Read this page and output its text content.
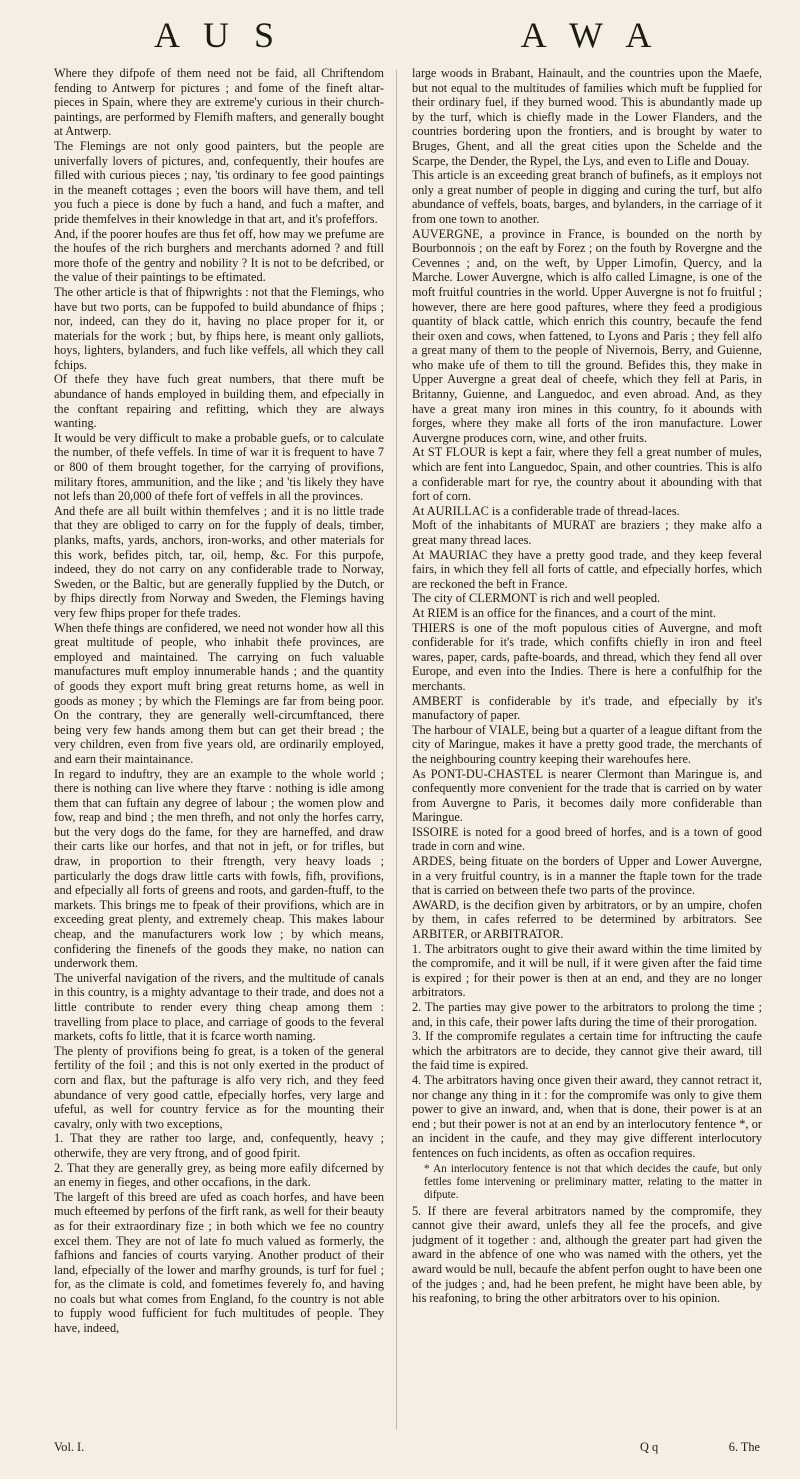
A U S	A W A

Where they difpofe of them need not be faid, all Chriftendom fending to Antwerp for pictures ; and fome of the fineft altar-pieces in Spain, where they are extreme'y curious in their church-paintings, are performed by Flemifh mafters, and generally bought at Antwerp.

The Flemings are not only good painters, but the people are univerfally lovers of pictures, and, confequently, their houfes are filled with curious pieces ; nay, 'tis ordinary to fee good paintings in the meaneft cottages ; even the boors will have them, and tell you fuch a piece is done by fuch a hand, and fuch a mafter, and pride themfelves in their knowledge in that art, and it's profeffors.

And, if the poorer houfes are thus fet off, how may we prefume are the houfes of the rich burghers and merchants adorned ? and ftill more thofe of the gentry and nobility ? It is not to be defcribed, or the value of their paintings to be eftimated.

The other article is that of fhipwrights : not that the Flemings, who have but two ports, can be fuppofed to build abundance of fhips ; nor, indeed, can they do it, having no place proper for it, or materials for the work ; but, by fhips here, is meant only galliots, hoys, lighters, bylanders, and fuch like veffels, all which they call fchips.

Of thefe they have fuch great numbers, that there muft be abundance of hands employed in building them, and efpecially in the conftant repairing and refitting, which they are always wanting.

It would be very difficult to make a probable guefs, or to calculate the number, of thefe veffels. In time of war it is frequent to have 7 or 800 of them brought together, for the carrying of provifions, military ftores, ammunition, and the like ; and 'tis likely they have not lefs than 20,000 of thefe fort of veffels in all the provinces.

And thefe are all built within themfelves ; and it is no little trade that they are obliged to carry on for the fupply of deals, timber, planks, mafts, yards, anchors, iron-works, and other materials for this work, befides pitch, tar, oil, hemp, &c. For this purpofe, indeed, they do not carry on any confiderable trade to Norway, Sweden, or the Baltic, but are generally fupplied by the Dutch, or by fhips directly from Norway and Sweden, the Flemings having very few fhips proper for thefe trades.

When thefe things are confidered, we need not wonder how all this great multitude of people, who inhabit thefe provinces, are employed and maintained. The carrying on fuch valuable manufactures muft employ innumerable hands ; and the quantity of goods they export muft bring great returns home, as well in goods as money ; by which the Flemings are far from being poor. On the contrary, they are generally well-circumftanced, there being very few hands among them but can get their bread ; the very children, even from five years old, are ordinarily employed, and earn their maintainance.

In regard to induftry, they are an example to the whole world ; there is nothing can live where they ftarve : nothing is idle among them that can fuftain any degree of labour ; the women plow and fow, reap and bind ; the men threfh, and not only the horfes carry, but the very dogs do the fame, for they are harneffed, and draw their carts like our horfes, and that not in jeft, or for trifles, but draw, in proportion to their ftrength, very heavy loads ; particularly the dogs draw little carts with fowls, fifh, provifions, and efpecially all forts of greens and roots, and garden-ftuff, to the markets. This brings me to fpeak of their provifions, which are in exceeding great plenty, and extremely cheap. This makes labour cheap, and the manufacturers work low ; by which means, confidering the finenefs of the goods they make, no nation can underwork them.

The univerfal navigation of the rivers, and the multitude of canals in this country, is a mighty advantage to their trade, and does not a little contribute to render every thing cheap among them : travelling from place to place, and carriage of goods to the feveral markets, cofts fo little, that it is fcarce worth naming.

The plenty of provifions being fo great, is a token of the general fertility of the foil ; and this is not only exerted in the product of corn and flax, but the pafturage is alfo very rich, and they feed abundance of very good cattle, efpecially horfes, very large and ufeful, as well for country fervice as for the mounting their cavalry, only with two exceptions,

1. That they are rather too large, and, confequently, heavy ; otherwife, they are very ftrong, and of good fpirit.

2. That they are generally grey, as being more eafily difcerned by an enemy in fieges, and other occafions, in the dark.

The largeft of this breed are ufed as coach horfes, and have been much efteemed by perfons of the firft rank, as well for their beauty as for their extraordinary fize ; in both which we fee no country excel them. They are not of late fo much valued as formerly, the fafhions and fancies of courts varying. Another product of their land, efpecially of the lower and marfhy grounds, is turf for fuel ; for, as the climate is cold, and fometimes feverely fo, and having no coals but what comes from England, fo the country is not able to fupply wood fufficient for fuch multitudes of people. They have, indeed,

large woods in Brabant, Hainault, and the countries upon the Maefe, but not equal to the multitudes of families which muft be fupplied for their ordinary fuel, if they burned wood. This is abundantly made up by the turf, which is chiefly made in the Lower Flanders, and the countries bordering upon the frontiers, and is brought by water to Bruges, Ghent, and all the great cities upon the Schelde and the Scarpe, the Dender, the Rypel, the Lys, and even to Lifle and Douay.

This article is an exceeding great branch of bufinefs, as it employs not only a great number of people in digging and curing the turf, but alfo abundance of veffels, boats, barges, and bylanders, in the carriage of it from one town to another.

AUVERGNE, a province in France, is bounded on the north by Bourbonnois ; on the eaft by Forez ; on the fouth by Rovergne and the Cevennes ; and, on the weft, by Upper Limofin, Quercy, and la Marche. Lower Auvergne, which is alfo called Limagne, is one of the moft fruitful countries in the world. Upper Auvergne is not fo fruitful ; however, there are here good paftures, where they feed a prodigious quantity of black cattle, which enrich this country, becaufe the fend their oxen and cows, when fattened, to Lyons and Paris ; they fell alfo a great many of them to the people of Nivernois, Berry, and Guienne, who make ufe of them to till the ground. Befides this, they make in Upper Auvergne a great deal of cheefe, which they fell at Paris, in Britanny, Guienne, and Languedoc, and even abroad. And, as they have a great many iron mines in this country, fo it abounds with forges, where they make all forts of the iron manufacture. Lower Auvergne produces corn, wine, and other fruits.

At ST FLOUR is kept a fair, where they fell a great number of mules, which are fent into Languedoc, Spain, and other countries. This is alfo a confiderable mart for rye, the country about it abounding with that fort of corn.

At AURILLAC is a confiderable trade of thread-laces.

Moft of the inhabitants of MURAT are braziers ; they make alfo a great many thread laces.

At MAURIAC they have a pretty good trade, and they keep feveral fairs, in which they fell all forts of cattle, and efpecially horfes, which are reckoned the beft in France.

The city of CLERMONT is rich and well peopled.

At RIEM is an office for the finances, and a court of the mint.

THIERS is one of the moft populous cities of Auvergne, and moft confiderable for it's trade, which confifts chiefly in iron and fteel wares, paper, cards, pafte-boards, and thread, which they fend all over Europe, and even into the Indies. There is here a confulfhip for the merchants.

AMBERT is confiderable by it's trade, and efpecially by it's manufactory of paper.

The harbour of VIALE, being but a quarter of a league diftant from the city of Maringue, makes it have a pretty good trade, the merchants of the neighbouring country keeping their warehoufes here.

As PONT-DU-CHASTEL is nearer Clermont than Maringue is, and confequently more convenient for the trade that is carried on by water from Auvergne to Paris, it becomes daily more confiderable than Maringue.

ISSOIRE is noted for a good breed of horfes, and is a town of good trade in corn and wine.

ARDES, being fituate on the borders of Upper and Lower Auvergne, in a very fruitful country, is in a manner the ftaple town for the trade that is carried on between thefe two parts of the province.

AWARD, is the decifion given by arbitrators, or by an umpire, chofen by them, in cafes referred to be determined by arbitrators. See ARBITER, or ARBITRATOR.

1. The arbitrators ought to give their award within the time limited by the compromife, and it will be null, if it were given after the faid time is expired ; for their power is then at an end, and they are no longer arbitrators.

2. The parties may give power to the arbitrators to prolong the time ; and, in this cafe, their power lafts during the time of their prorogation.

3. If the compromife regulates a certain time for inftructing the caufe which the arbitrators are to decide, they cannot give their award, till the faid time is expired.

4. The arbitrators having once given their award, they cannot retract it, nor change any thing in it : for the compromife was only to give them power to give an inward, and, when that is done, their power is at an end ; but their power is not at an end by an interlocutory fentence *, or an incident in the caufe, and they may give different interlocutory fentences on fuch incidents, as often as occafion requires.

* An interlocutory fentence is not that which decides the caufe, but only fettles fome intervening or preliminary matter, relating to the matter in difpute.

5. If there are feveral arbitrators named by the compromife, they cannot give their award, unlefs they all fee the procefs, and give judgment of it together : and, although the greater part had given the award in the abfence of one who was named with the others, yet the award would be null, becaufe the abfent perfon ought to have been one of the judges ; and, had he been prefent, he might have been able, by his reafoning, to bring the other arbitrators over to his opinion.

Vol. I.	Q q	6. The
